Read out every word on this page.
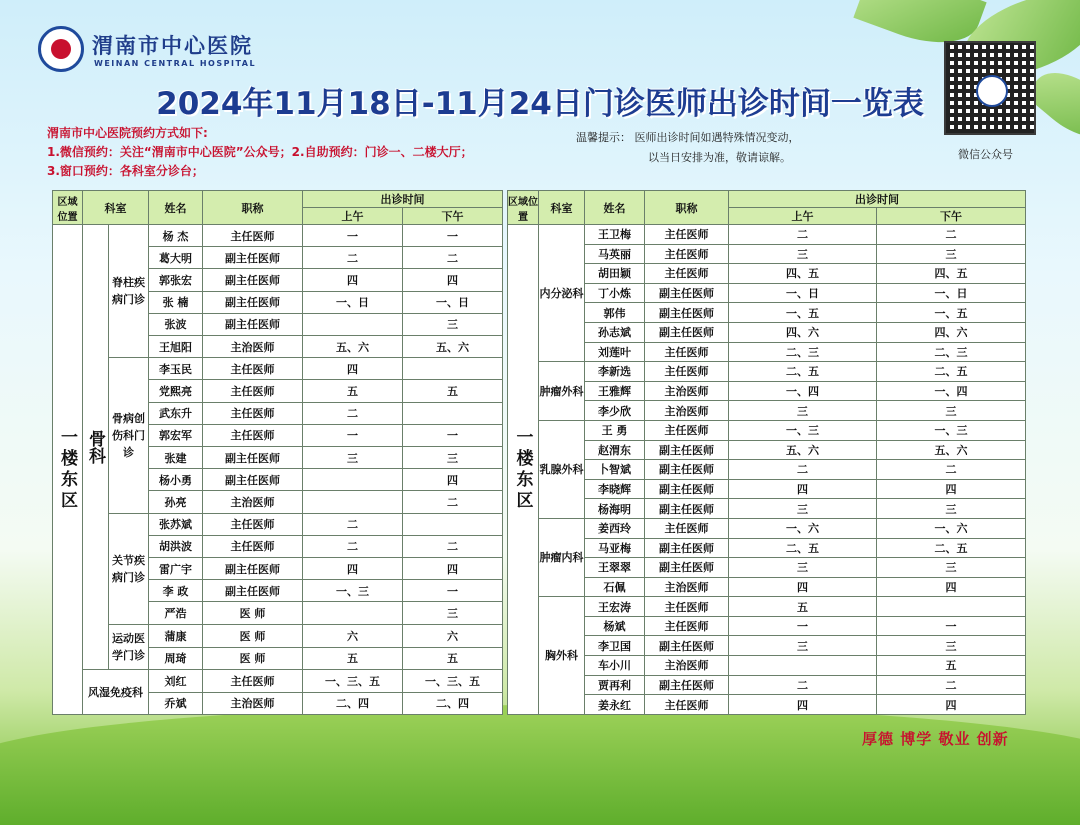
渭南市中心医院
WEINAN CENTRAL HOSPITAL
2024年11月18日-11月24日门诊医师出诊时间一览表
微信公众号
渭南市中心医院预约方式如下:
1.微信预约：关注“渭南市中心医院”公众号；2.自助预约：门诊一、二楼大厅；
3.窗口预约：各科室分诊台；
温馨提示： 医师出诊时间如遇特殊情况变动，
以当日安排为准，敬请谅解。
区域位置	科室		姓名	职称	出诊时间	
					上午	下午
一楼东区	骨科	脊柱疾病门诊	杨 杰	主任医师	一	一
			葛大明	副主任医师	二	二
			郭张宏	副主任医师	四	四
			张 楠	副主任医师	一、日	一、日
			张波	副主任医师		三
			王旭阳	主治医师	五、六	五、六
		骨病创伤科门诊	李玉民	主任医师	四	
			党熙亮	主任医师	五	五
			武东升	主任医师	二	
			郭宏军	主任医师	一	一
			张建	副主任医师	三	三
			杨小勇	副主任医师		四
			孙亮	主治医师		二
		关节疾病门诊	张苏斌	主任医师	二	
			胡洪波	主任医师	二	二
			雷广宇	副主任医师	四	四
			李 政	副主任医师	一、三	一
			严浩	医 师		三
		运动医学门诊	蒲康	医 师	六	六
			周琦	医 师	五	五
	风湿免疫科		刘红	主任医师	一、三、五	一、三、五
			乔斌	主治医师	二、四	二、四
区域位置	科室	姓名	职称	出诊时间	
				上午	下午
一楼东区	内分泌科	王卫梅	主任医师	二	二
		马英丽	主任医师	三	三
		胡田颖	主任医师	四、五	四、五
		丁小炼	副主任医师	一、日	一、日
		郭伟	副主任医师	一、五	一、五
		孙志斌	副主任医师	四、六	四、六
		刘莲叶	主任医师	二、三	二、三
	肿瘤外科	李新选	主任医师	二、五	二、五
		王雅辉	主治医师	一、四	一、四
		李少欣	主治医师	三	三
	乳腺外科	王 勇	主任医师	一、三	一、三
		赵渭东	副主任医师	五、六	五、六
		卜智斌	副主任医师	二	二
		李晓辉	副主任医师	四	四
		杨海明	副主任医师	三	三
	肿瘤内科	姜西玲	主任医师	一、六	一、六
		马亚梅	副主任医师	二、五	二、五
		王翠翠	副主任医师	三	三
		石佩	主治医师	四	四
	胸外科	王宏涛	主任医师	五	
		杨斌	主任医师	一	一
		李卫国	副主任医师	三	三
		车小川	主治医师		五
		贾再利	副主任医师	二	二
		姜永红	主任医师	四	四
厚德 博学 敬业 创新
